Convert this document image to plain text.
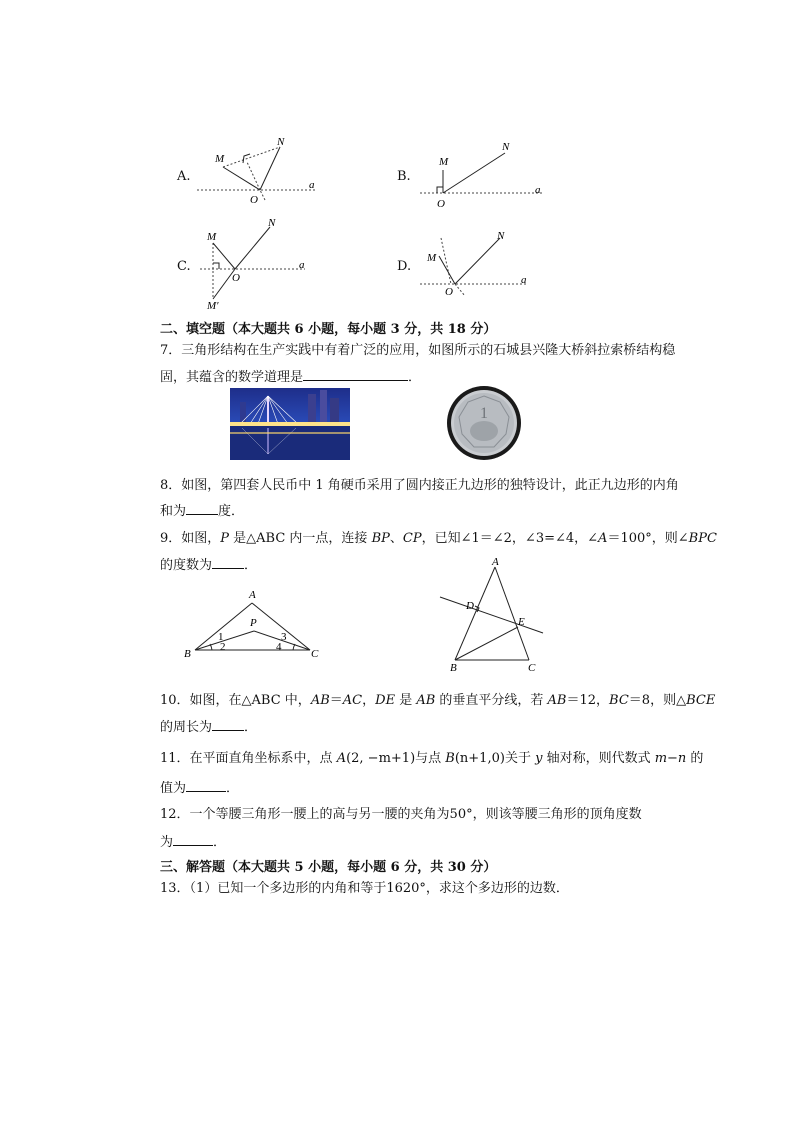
A.
M
N
O
a
B.
M
N
O
a
C.
M
N
O
a
M′
D.
M
N
O
a
二、填空题（本大题共 6 小题，每小题 3 分，共 18 分）
7．三角形结构在生产实践中有着广泛的应用，如图所示的石城县兴隆大桥斜拉索桥结构稳
固，其蕴含的数学道理是	．
1
8．如图，第四套人民币中 1 角硬币采用了圆内接正九边形的独特设计，此正九边形的内角
和为 度．
9．如图，P 是△ABC 内一点，连接 BP、CP，已知∠1＝∠2，∠3=∠4，∠A＝100°，则∠BPC
的度数为 ．
A
B	C
P
1
2
3
4
A
B	C
D
E
10．如图，在△ABC 中，AB＝AC，DE 是 AB 的垂直平分线，若 AB＝12，BC＝8，则△BCE
的周长为 ．
11．在平面直角坐标系中，点 A(2, −m+1)与点 B(n+1,0)关于 y 轴对称，则代数式 m−n 的
值为	．
12．一个等腰三角形一腰上的高与另一腰的夹角为50°，则该等腰三角形的顶角度数
为	．
三、解答题（本大题共 5 小题，每小题 6 分，共 30 分）
13．（1）已知一个多边形的内角和等于1620°，求这个多边形的边数．
